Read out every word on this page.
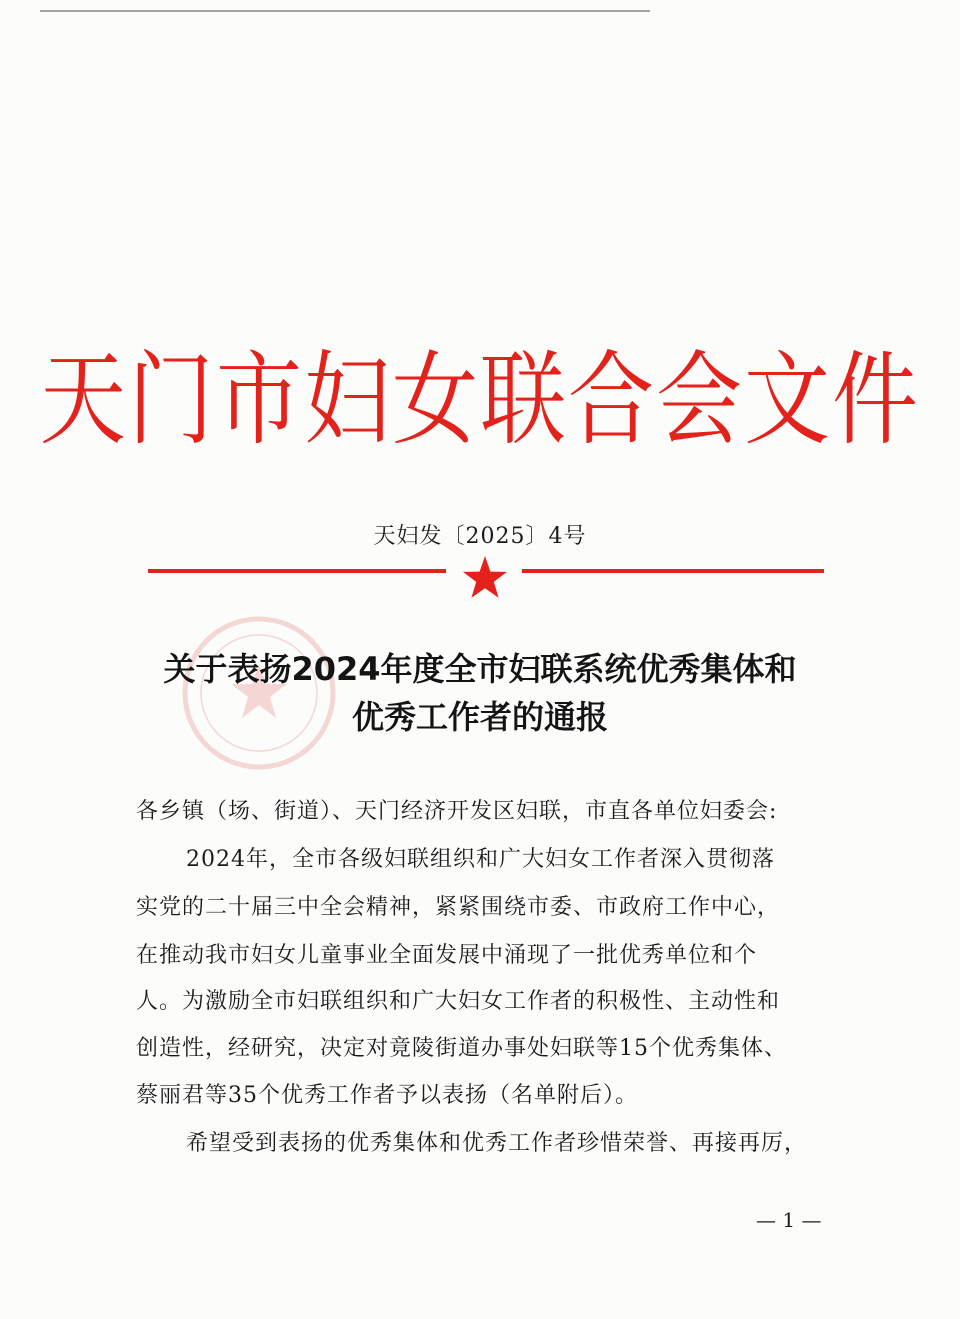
天门市妇女联合会文件
天妇发〔2025〕4号
关于表扬2024年度全市妇联系统优秀集体和
优秀工作者的通报
各乡镇（场、街道）、天门经济开发区妇联，市直各单位妇委会:
2024年，全市各级妇联组织和广大妇女工作者深入贯彻落
实党的二十届三中全会精神，紧紧围绕市委、市政府工作中心，
在推动我市妇女儿童事业全面发展中涌现了一批优秀单位和个
人。为激励全市妇联组织和广大妇女工作者的积极性、主动性和
创造性，经研究，决定对竟陵街道办事处妇联等15个优秀集体、
蔡丽君等35个优秀工作者予以表扬（名单附后）。
希望受到表扬的优秀集体和优秀工作者珍惜荣誉、再接再厉，
— 1 —
